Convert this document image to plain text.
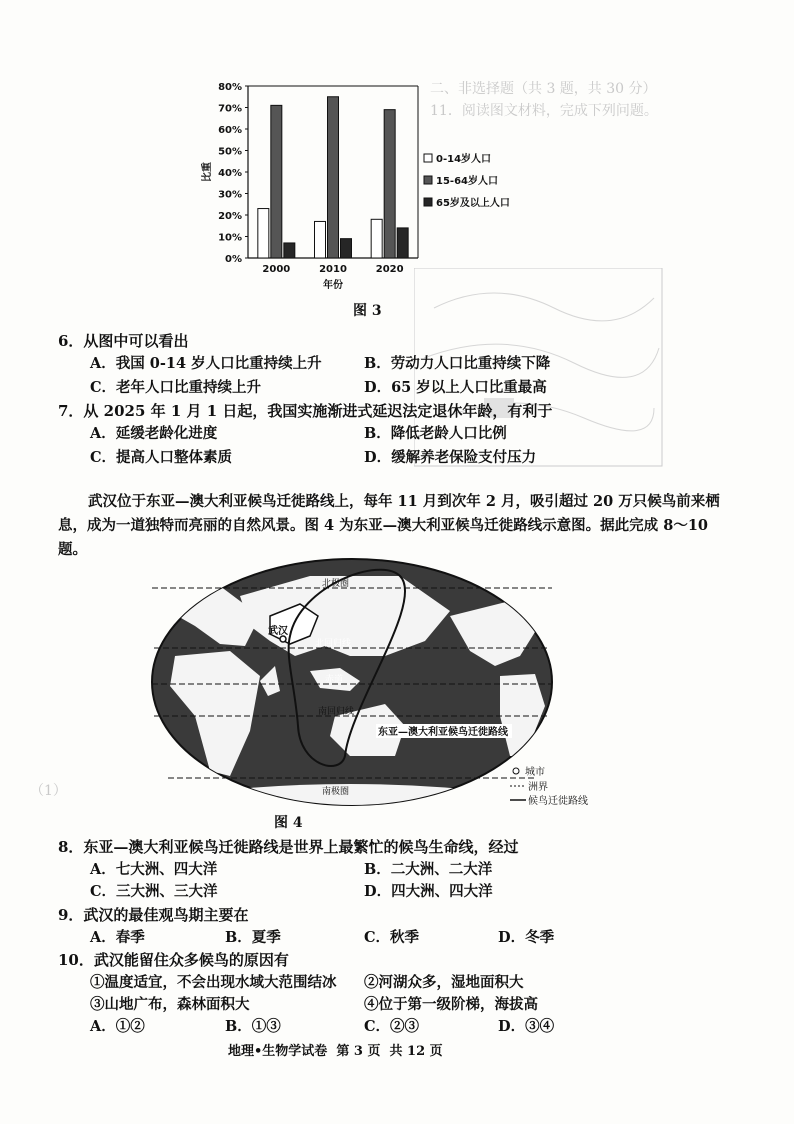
二、非选择题（共 3 题，共 30 分）
11．阅读图文材料，完成下列问题。
（1）
0%
10%
20%
30%
40%
50%
60%
70%
80%
2000	2010	2020
年份
比重
0-14岁人口
15-64岁人口
65岁及以上人口
图 3
6．从图中可以看出
A．我国 0-14 岁人口比重持续上升	B．劳动力人口比重持续下降
C．老年人口比重持续上升	D．65 岁以上人口比重最高
7．从 2025 年 1 月 1 日起，我国实施渐进式延迟法定退休年龄，有利于
A．延缓老龄化进度	B．降低老龄人口比例
C．提高人口整体素质	D．缓解养老保险支付压力
武汉位于东亚—澳大利亚候鸟迁徙路线上，每年 11 月到次年 2 月，吸引超过 20 万只候鸟前来栖息，成为一道独特而亮丽的自然风景。图 4 为东亚—澳大利亚候鸟迁徙路线示意图。据此完成 8～10 题。
武汉
北极圈
北回归线
赤道
南回归线
南极圈
东亚—澳大利亚候鸟迁徙路线
城市
洲界
候鸟迁徙路线
图 4
8．东亚—澳大利亚候鸟迁徙路线是世界上最繁忙的候鸟生命线，经过
A．七大洲、四大洋	B．二大洲、二大洋
C．三大洲、三大洋	D．四大洲、四大洋
9．武汉的最佳观鸟期主要在
A．春季	B．夏季	C．秋季	D．冬季
10．武汉能留住众多候鸟的原因有
①温度适宜，不会出现水域大范围结冰 ②河湖众多，湿地面积大
③山地广布，森林面积大	④位于第一级阶梯，海拔高
A．①②	B．①③	C．②③	D．③④
地理•生物学试卷  第 3 页  共 12 页
